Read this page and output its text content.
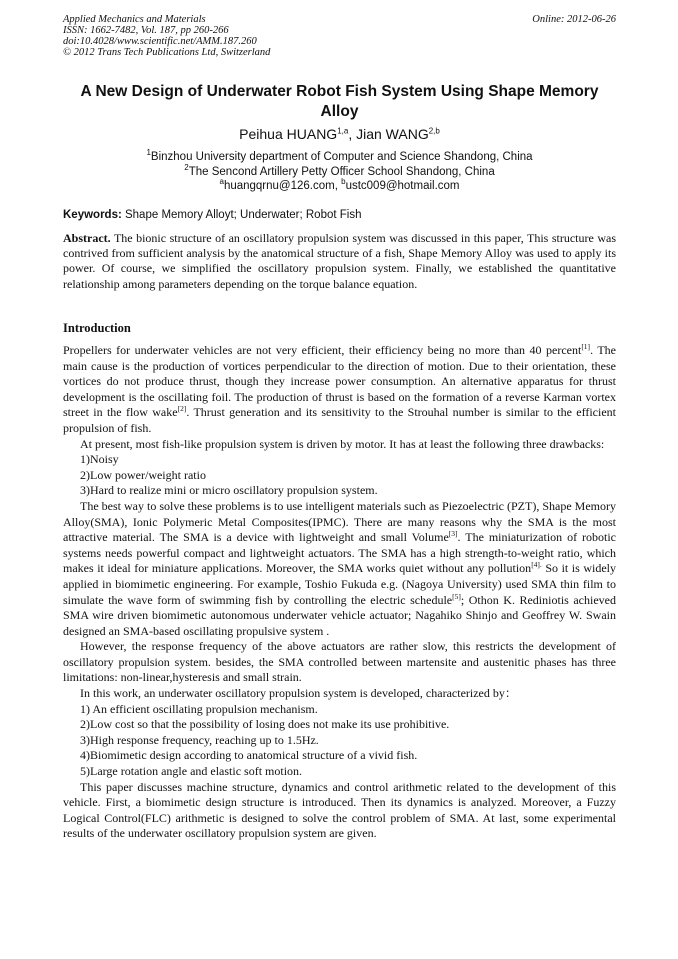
Applied Mechanics and Materials
ISSN: 1662-7482, Vol. 187, pp 260-266
doi:10.4028/www.scientific.net/AMM.187.260
© 2012 Trans Tech Publications Ltd, Switzerland
Online: 2012-06-26
A New Design of Underwater Robot Fish System Using Shape Memory Alloy
Peihua HUANG$^{1,a}$, Jian WANG$^{2,b}$
$^1$Binzhou University department of Computer and Science Shandong, China
$^2$The Sencond Artillery Petty Officer School Shandong, China
$^a$huangqrnu@126.com, $^b$ustc009@hotmail.com
Keywords: Shape Memory Alloyt; Underwater; Robot Fish
Abstract. The bionic structure of an oscillatory propulsion system was discussed in this paper, This structure was contrived from sufficient analysis by the anatomical structure of a fish, Shape Memory Alloy was used to apply its power. Of course, we simplified the oscillatory propulsion system. Finally, we established the quantitative relationship among parameters depending on the torque balance equation.
Introduction

Propellers for underwater vehicles are not very efficient, their efficiency being no more than 40 percent[1]. The main cause is the production of vortices perpendicular to the direction of motion. Due to their orientation, these vortices do not produce thrust, though they increase power consumption. An alternative apparatus for thrust development is the oscillating foil. The production of thrust is based on the formation of a reverse Karman vortex street in the flow wake[2]. Thrust generation and its sensitivity to the Strouhal number is similar to the efficient propulsion of fish.

At present, most fish-like propulsion system is driven by motor. It has at least the following three drawbacks:

1)Noisy

2)Low power/weight ratio

3)Hard to realize mini or micro oscillatory propulsion system.

The best way to solve these problems is to use intelligent materials such as Piezoelectric (PZT), Shape Memory Alloy(SMA), Ionic Polymeric Metal Composites(IPMC). There are many reasons why the SMA is the most attractive material. The SMA is a device with lightweight and small Volume[3]. The miniaturization of robotic systems needs powerful compact and lightweight actuators. The SMA has a high strength-to-weight ratio, which makes it ideal for miniature applications. Moreover, the SMA works quiet without any pollution$^{[4].}$ So it is widely applied in biomimetic engineering. For example, Toshio Fukuda e.g. (Nagoya University) used SMA thin film to simulate the wave form of swimming fish by controlling the electric schedule[5]; Othon K. Rediniotis achieved SMA wire driven biomimetic autonomous underwater vehicle actuator; Nagahiko Shinjo and Geoffrey W. Swain designed an SMA-based oscillating propulsive system .

However, the response frequency of the above actuators are rather slow, this restricts the development of oscillatory propulsion system. besides, the SMA controlled between martensite and austenitic phases has three limitations: non-linear,hysteresis and small strain.

In this work, an underwater oscillatory propulsion system is developed, characterized by：

1) An efficient oscillating propulsion mechanism.

2)Low cost so that the possibility of losing does not make its use prohibitive.

3)High response frequency, reaching up to 1.5Hz.

4)Biomimetic design according to anatomical structure of a vivid fish.

5)Large rotation angle and elastic soft motion.

This paper discusses machine structure, dynamics and control arithmetic related to the development of this vehicle. First, a biomimetic design structure is introduced. Then its dynamics is analyzed. Moreover, a Fuzzy Logical Control(FLC) arithmetic is designed to solve the control problem of SMA. At last, some experimental results of the underwater oscillatory propulsion system are given.
